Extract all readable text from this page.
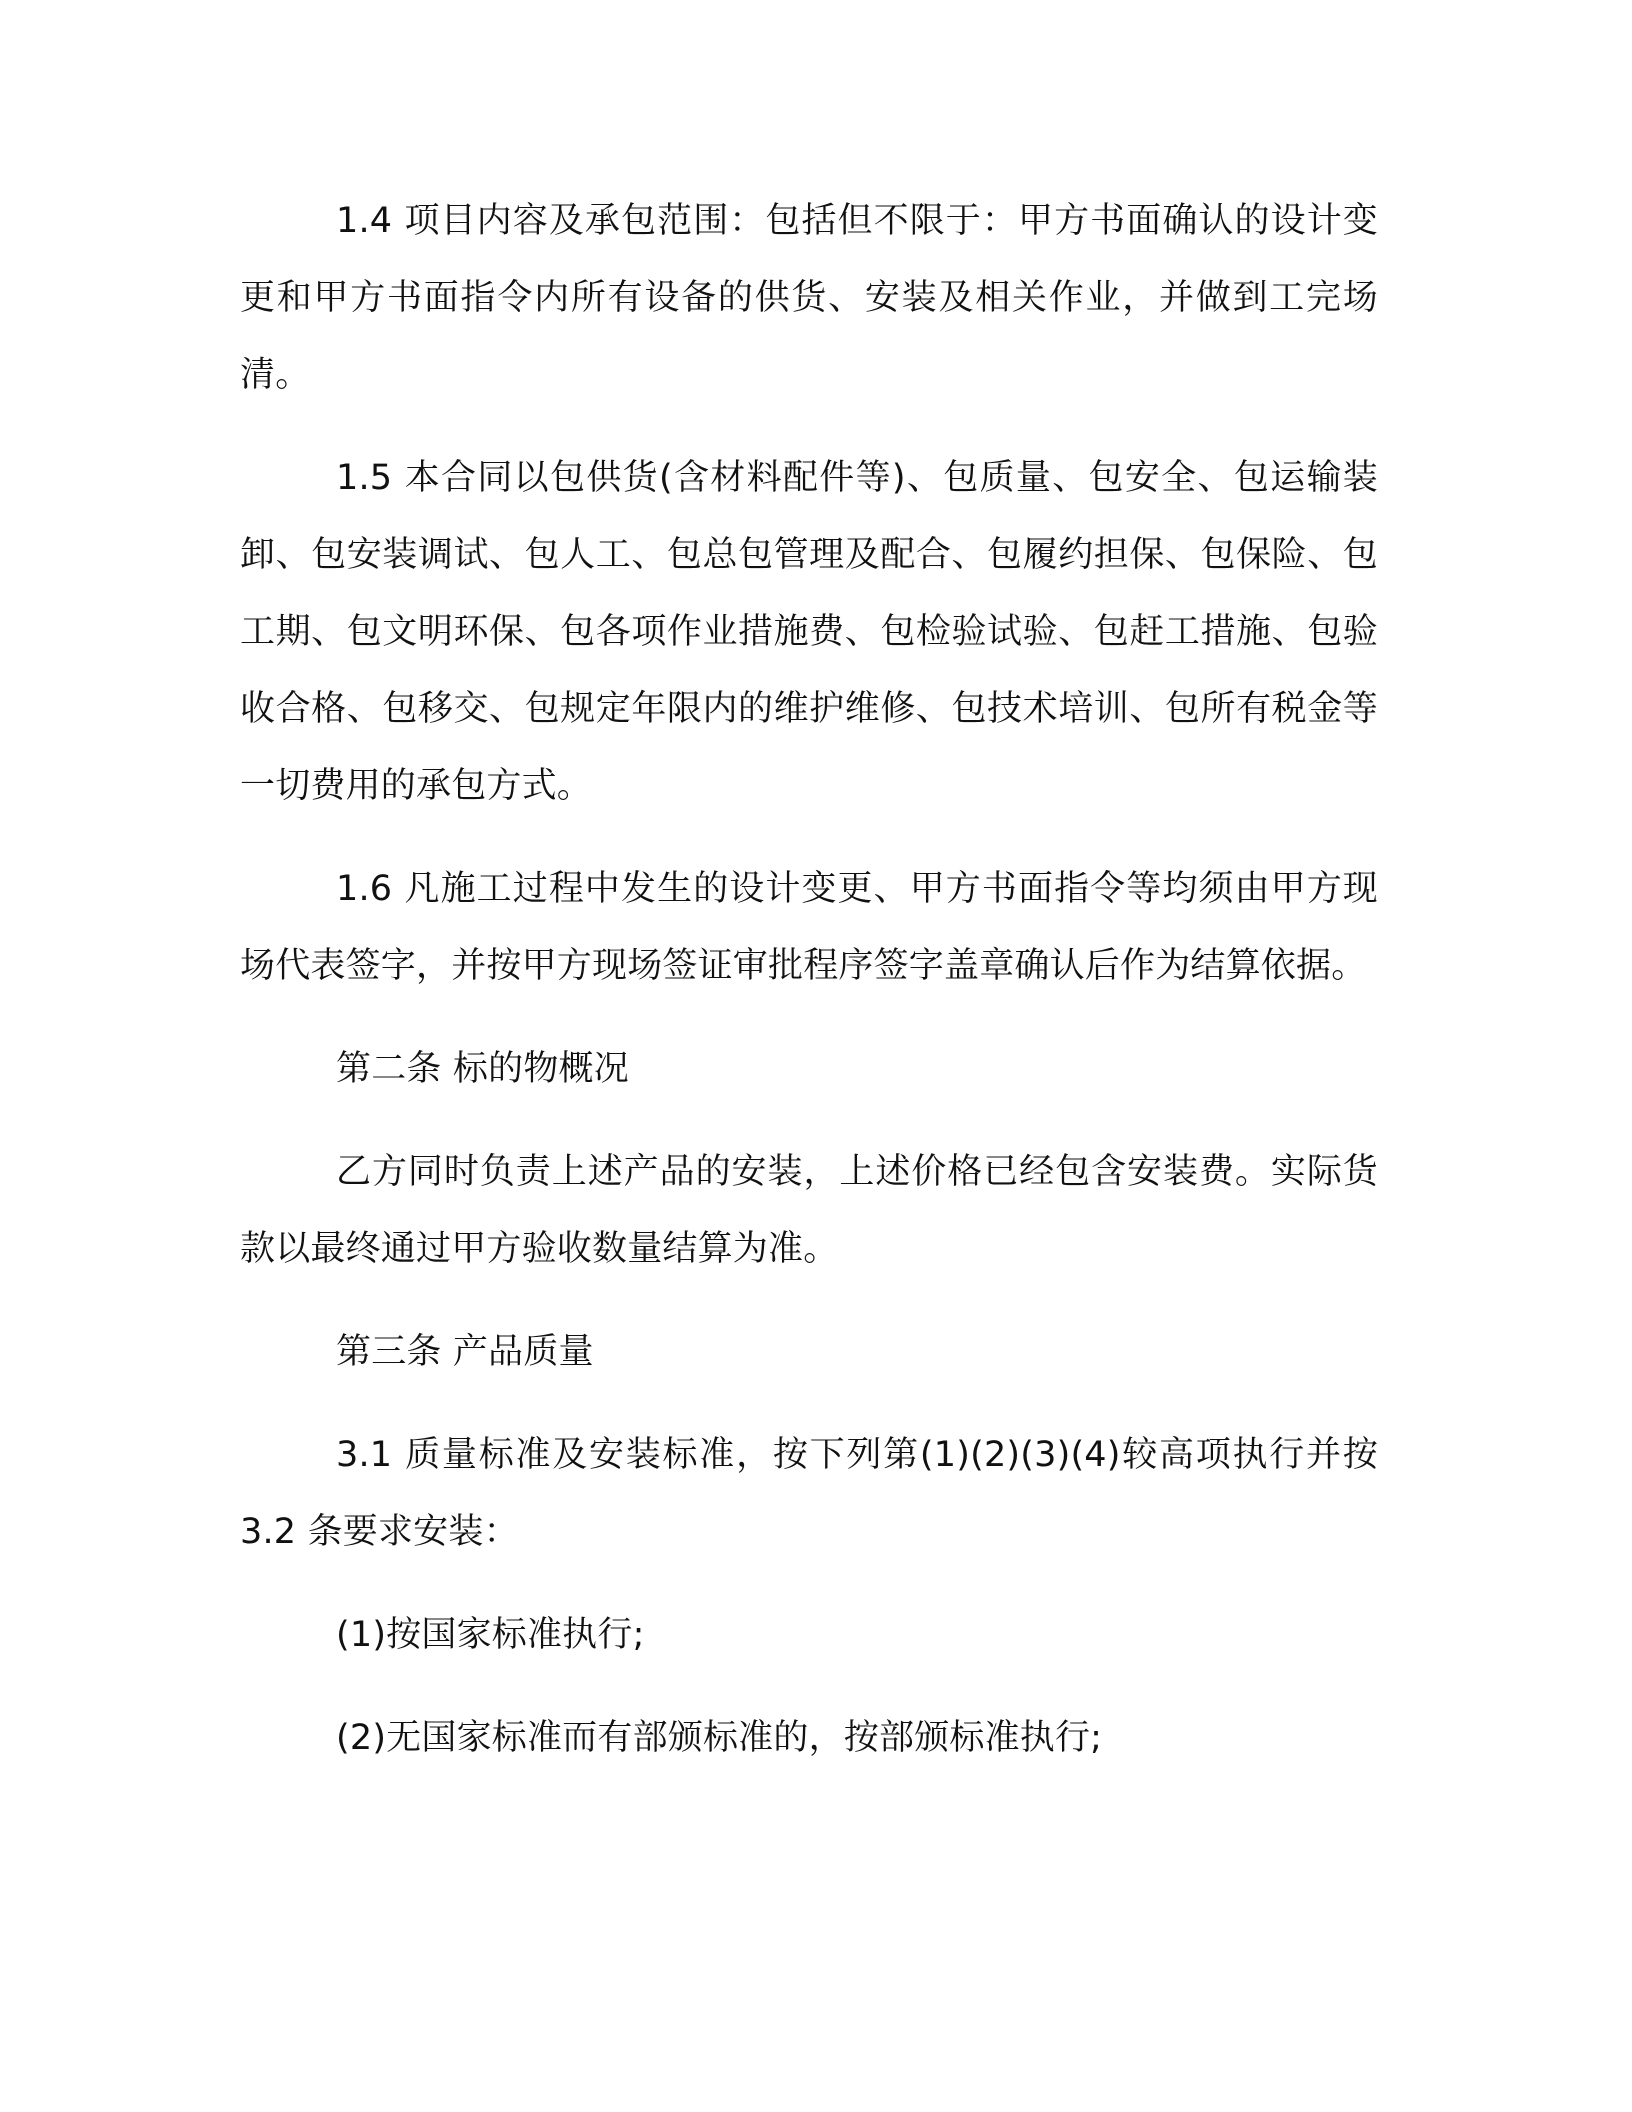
1.4 项目内容及承包范围：包括但不限于：甲方书面确认的设计变更和甲方书面指令内所有设备的供货、安装及相关作业，并做到工完场清。

1.5 本合同以包供货(含材料配件等)、包质量、包安全、包运输装卸、包安装调试、包人工、包总包管理及配合、包履约担保、包保险、包工期、包文明环保、包各项作业措施费、包检验试验、包赶工措施、包验收合格、包移交、包规定年限内的维护维修、包技术培训、包所有税金等一切费用的承包方式。

1.6 凡施工过程中发生的设计变更、甲方书面指令等均须由甲方现场代表签字，并按甲方现场签证审批程序签字盖章确认后作为结算依据。

第二条 标的物概况

乙方同时负责上述产品的安装，上述价格已经包含安装费。实际货款以最终通过甲方验收数量结算为准。

第三条 产品质量

3.1 质量标准及安装标准，按下列第(1)(2)(3)(4)较高项执行并按 3.2 条要求安装：

(1)按国家标准执行;

(2)无国家标准而有部颁标准的，按部颁标准执行;
